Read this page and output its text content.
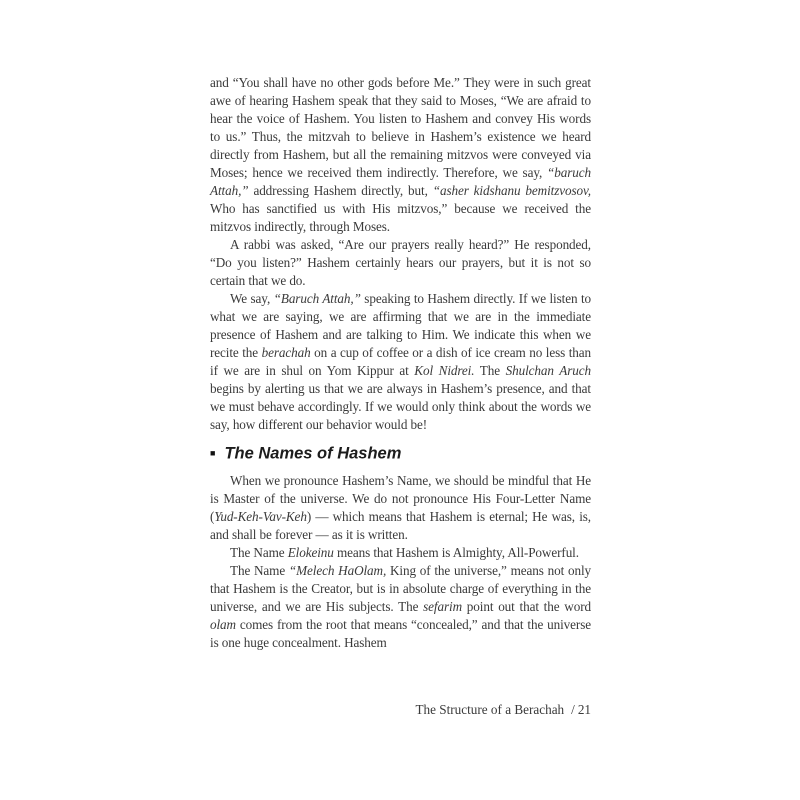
and “You shall have no other gods before Me.” They were in such great awe of hearing Hashem speak that they said to Moses, “We are afraid to hear the voice of Hashem. You listen to Hashem and convey His words to us.” Thus, the mitzvah to believe in Hashem’s existence we heard directly from Hashem, but all the remaining mitzvos were conveyed via Moses; hence we received them indirectly. Therefore, we say, “baruch Attah,” addressing Hashem directly, but, “asher kidshanu bemitzvosov, Who has sanctified us with His mitzvos,” because we received the mitzvos indirectly, through Moses.

A rabbi was asked, “Are our prayers really heard?” He responded, “Do you listen?” Hashem certainly hears our prayers, but it is not so certain that we do.

We say, “Baruch Attah,” speaking to Hashem directly. If we listen to what we are saying, we are affirming that we are in the immediate presence of Hashem and are talking to Him. We indicate this when we recite the berachah on a cup of coffee or a dish of ice cream no less than if we are in shul on Yom Kippur at Kol Nidrei. The Shulchan Aruch begins by alerting us that we are always in Hashem’s presence, and that we must behave accordingly. If we would only think about the words we say, how different our behavior would be!

■ The Names of Hashem

When we pronounce Hashem’s Name, we should be mindful that He is Master of the universe. We do not pronounce His Four-Letter Name (Yud-Keh-Vav-Keh) — which means that Hashem is eternal; He was, is, and shall be forever — as it is written.

The Name Elokeinu means that Hashem is Almighty, All-Powerful.

The Name “Melech HaOlam, King of the universe,” means not only that Hashem is the Creator, but is in absolute charge of everything in the universe, and we are His subjects. The sefarim point out that the word olam comes from the root that means “concealed,” and that the universe is one huge concealment. Hashem

The Structure of a Berachah / 21
